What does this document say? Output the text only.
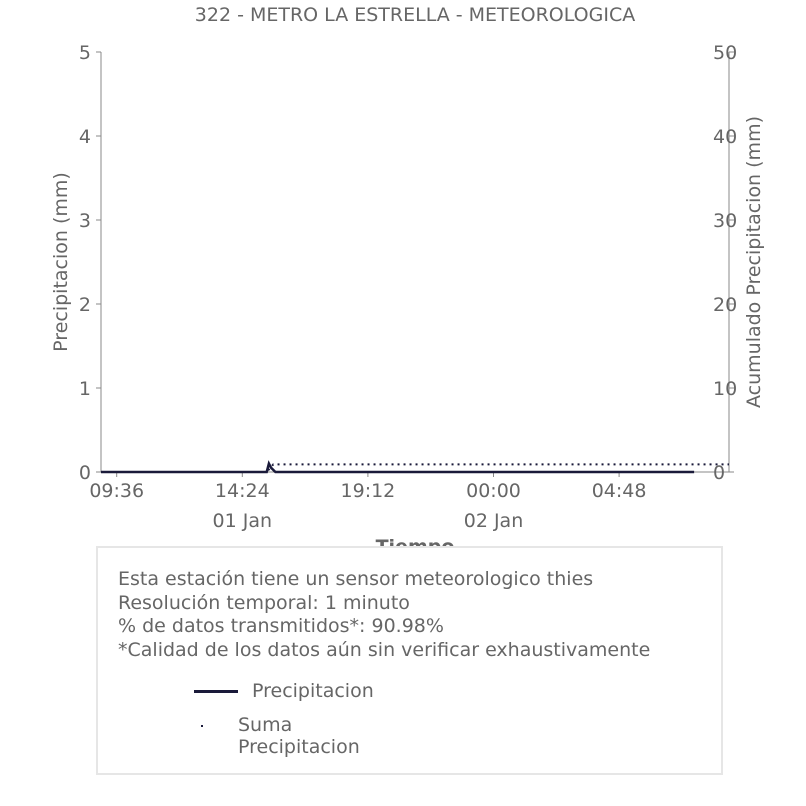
322 - METRO LA ESTRELLA - METEOROLOGICA
Precipitacion (mm)	Acumulado Precipitacion (mm)
09:36	14:24
01 Jan
19:12	00:00
02 Jan
04:48
0
1
2
3
4
5
0
10
20
30
40
50
Esta estación tiene un sensor meteorologico thies
Resolución temporal: 1 minuto
% de datos transmitidos*: 90.98%
*Calidad de los datos aún sin verificar exhaustivamente
Precipitacion
Suma Precipitacion
